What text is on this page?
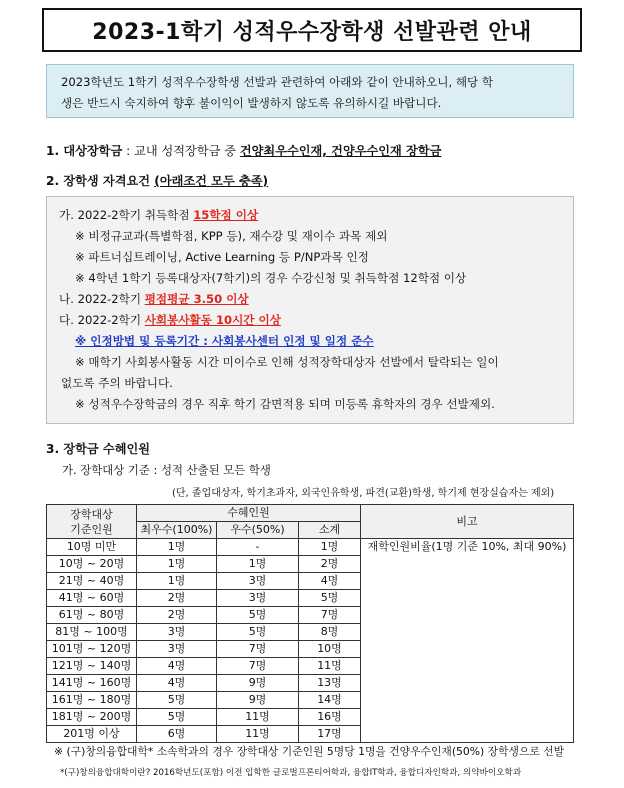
2023-1학기 성적우수장학생 선발관련 안내
2023학년도 1학기 성적우수장학생 선발과 관련하여 아래와 같이 안내하오니, 해당 학
생은 반드시 숙지하여 향후 불이익이 발생하지 않도록 유의하시길 바랍니다.
1. 대상장학금 : 교내 성적장학금 중 건양최우수인재, 건양우수인재 장학금
2. 장학생 자격요건 (아래조건 모두 충족)
가. 2022-2학기 취득학점 15학점 이상
※ 비정규교과(특별학점, KPP 등), 재수강 및 재이수 과목 제외
※ 파트너십트레이닝, Active Learning 등 P/NP과목 인정
※ 4학년 1학기 등록대상자(7학기)의 경우 수강신청 및 취득학점 12학점 이상
나. 2022-2학기 평점평균 3.50 이상
다. 2022-2학기 사회봉사활동 10시간 이상
※ 인정방법 및 등록기간 : 사회봉사센터 인정 및 일정 준수
※ 매학기 사회봉사활동 시간 미이수로 인해 성적장학대상자 선발에서 탈락되는 일이
없도록 주의 바랍니다.
※ 성적우수장학금의 경우 직후 학기 감면적용 되며 미등록 휴학자의 경우 선발제외.
3. 장학금 수혜인원
가. 장학대상 기준 : 성적 산출된 모든 학생
(단, 졸업대상자, 학기초과자, 외국인유학생, 파견(교환)학생, 학기제 현장실습자는 제외)
장학대상
기준인원	수혜인원			비고
	최우수(100%)	우수(50%)	소계	
10명 미만	1명	-	1명	재학인원비율(1명 기준 10%, 최대 90%)
10명 ~ 20명	1명	1명	2명	
21명 ~ 40명	1명	3명	4명	
41명 ~ 60명	2명	3명	5명	
61명 ~ 80명	2명	5명	7명	
81명 ~ 100명	3명	5명	8명	
101명 ~ 120명	3명	7명	10명	
121명 ~ 140명	4명	7명	11명	
141명 ~ 160명	4명	9명	13명	
161명 ~ 180명	5명	9명	14명	
181명 ~ 200명	5명	11명	16명	
201명 이상	6명	11명	17명	
※ (구)창의융합대학* 소속학과의 경우 장학대상 기준인원 5명당 1명을 건양우수인재(50%) 장학생으로 선발
*(구)창의융합대학이란? 2016학년도(포함) 이전 입학한 글로벌프론티어학과, 융합IT학과, 융합디자인학과, 의약바이오학과
